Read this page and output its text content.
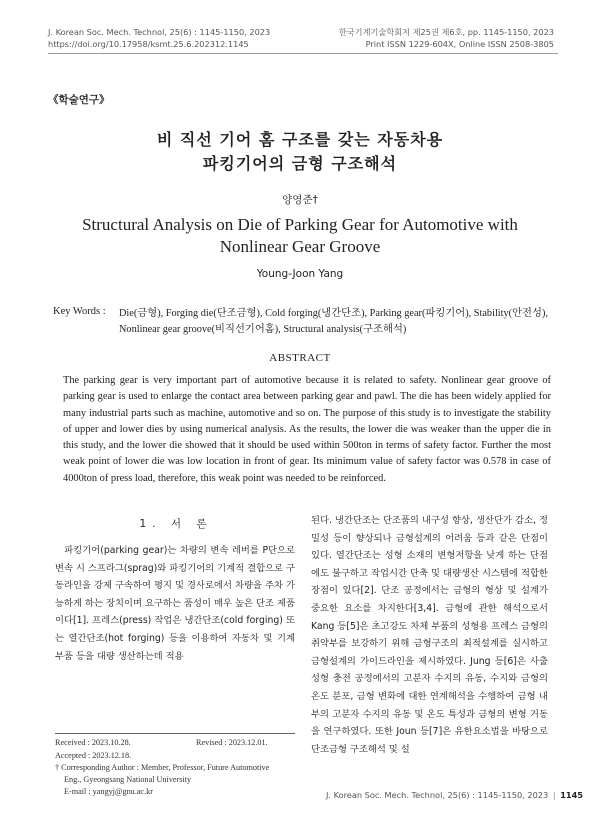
J. Korean Soc. Mech. Technol, 25(6) : 1145-1150, 2023
https://doi.org/10.17958/ksmt.25.6.202312.1145
한국기계기술학회지 제25권 제6호, pp. 1145-1150, 2023
Print ISSN 1229-604X, Online ISSN 2508-3805
《학술연구》
비 직선 기어 홈 구조를 갖는 자동차용
파킹기어의 금형 구조해석
양영준†
Structural Analysis on Die of Parking Gear for Automotive with
Nonlinear Gear Groove
Young-Joon Yang
Key Words : Die(금형), Forging die(단조금형), Cold forging(냉간단조), Parking gear(파킹기어), Stability(안전성),
Nonlinear gear groove(비직선기어홈), Structural analysis(구조해석)
ABSTRACT
The parking gear is very important part of automotive because it is related to safety. Nonlinear gear groove of parking gear is used to enlarge the contact area between parking gear and pawl. The die has been widely applied for many industrial parts such as machine, automotive and so on. The purpose of this study is to investigate the stability of upper and lower dies by using numerical analysis. As the results, the lower die was weaker than the upper die in this study, and the lower die showed that it should be used within 500ton in terms of safety factor. Further the most weak point of lower die was low location in front of gear. Its minimum value of safety factor was 0.578 in case of 4000ton of press load, therefore, this weak point was needed to be reinforced.
1. 서 론
파킹기어(parking gear)는 차량의 변속 레버를 P단으로 변속 시 스프라그(sprag)와 파킹기어의 기계적 결합으로 구동라인을 강제 구속하여 평지 및 경사로에서 차량을 주차 가능하게 하는 장치이며 요구하는 품성이 매우 높은 단조 제품이다[1]. 프레스(press) 작업은 냉간단조(cold forging) 또는 열간단조(hot forging) 등을 이용하여 자동차 및 기계 부품 등을 대량 생산하는데 적용
Received : 2023.10.28.	Revised : 2023.12.01.
Accepted : 2023.12.18.
† Corresponding Author : Member, Professor, Future Automotive
Eng., Gyeongsang National University
E-mail : yangyj@gnu.ac.kr
된다. 냉간단조는 단조품의 내구성 향상, 생산단가 감소, 정밀성 등이 향상되나 금형설계의 어려움 등과 같은 단점이 있다. 열간단조는 성형 소재의 변형저항을 낮게 하는 단점에도 불구하고 작업시간 단축 및 대량생산 시스템에 적합한 장점이 있다[2]. 단조 공정에서는 금형의 형상 및 설계가 중요한 요소를 차지한다[3,4]. 금형에 관한 해석으로서 Kang 등[5]은 초고강도 차체 부품의 성형용 프레스 금형의 취약부를 보강하기 위해 금형구조의 최적설계를 실시하고 금형설계의 가이드라인을 제시하였다. Jung 등[6]은 사출성형 충전 공정에서의 고분자 수지의 유동, 수지와 금형의 온도 분포, 금형 변화에 대한 연계해석을 수행하여 금형 내부의 고분자 수지의 유동 및 온도 특성과 금형의 변형 거동을 연구하였다. 또한 Joun 등[7]은 유한요소법을 바탕으로 단조금형 구조해석 및 설
J. Korean Soc. Mech. Technol, 25(6) : 1145-1150, 2023 | 1145
